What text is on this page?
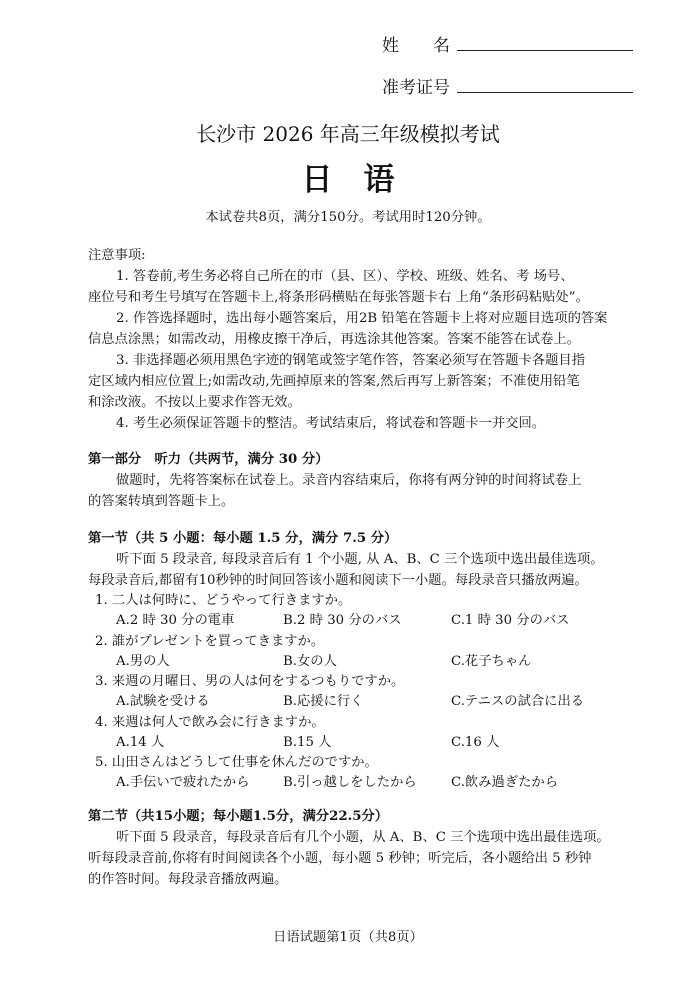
姓　　名
准考证号
长沙市 2026 年高三年级模拟考试
日　语
本试卷共8页，满分150分。考试用时120分钟。
注意事项:
1. 答卷前,考生务必将自己所在的市（县、区）、学校、班级、姓名、考 场号、
座位号和考生号填写在答题卡上,将条形码横贴在每张答题卡右 上角“条形码粘贴处”。
2. 作答选择题时，选出每小题答案后，用2B 铅笔在答题卡上将对应题目选项的答案
信息点涂黑；如需改动，用橡皮擦干净后，再选涂其他答案。答案不能答在试卷上。
3. 非选择题必须用黑色字迹的钢笔或签字笔作答，答案必须写在答题卡各题目指
定区域内相应位置上;如需改动,先画掉原来的答案,然后再写上新答案；不准使用铅笔
和涂改液。不按以上要求作答无效。
4. 考生必须保证答题卡的整洁。考试结束后，将试卷和答题卡一并交回。
第一部分　听力（共两节，满分 30 分）
做题时，先将答案标在试卷上。录音内容结束后，你将有两分钟的时间将试卷上
的答案转填到答题卡上。
第一节（共 5 小题：每小题 1.5 分，满分 7.5 分）
听下面 5 段录音, 每段录音后有 1 个小题, 从 A、B、C 三个选项中选出最佳选项。
每段录音后,都留有10秒钟的时间回答该小题和阅读下一小题。每段录音只播放两遍。
1. 二人は何時に、どうやって行きますか。
A.2 時 30 分の電車	B.2 時 30 分のバス	C.1 時 30 分のバス
2. 誰がプレゼントを買ってきますか。
A.男の人	B.女の人	C.花子ちゃん
3. 来週の月曜日、男の人は何をするつもりですか。
A.試験を受ける	B.応援に行く	C.テニスの試合に出る
4. 来週は何人で飲み会に行きますか。
A.14 人	B.15 人	C.16 人
5. 山田さんはどうして仕事を休んだのですか。
A.手伝いで疲れたから	B.引っ越しをしたから	C.飲み過ぎたから
第二节（共15小题；每小题1.5分，满分22.5分）
听下面 5 段录音，每段录音后有几个小题，从 A、B、C 三个选项中选出最佳选项。
听每段录音前,你将有时间阅读各个小题，每小题 5 秒钟；听完后，各小题给出 5 秒钟
的作答时间。每段录音播放两遍。
日语试题第1页（共8页）
